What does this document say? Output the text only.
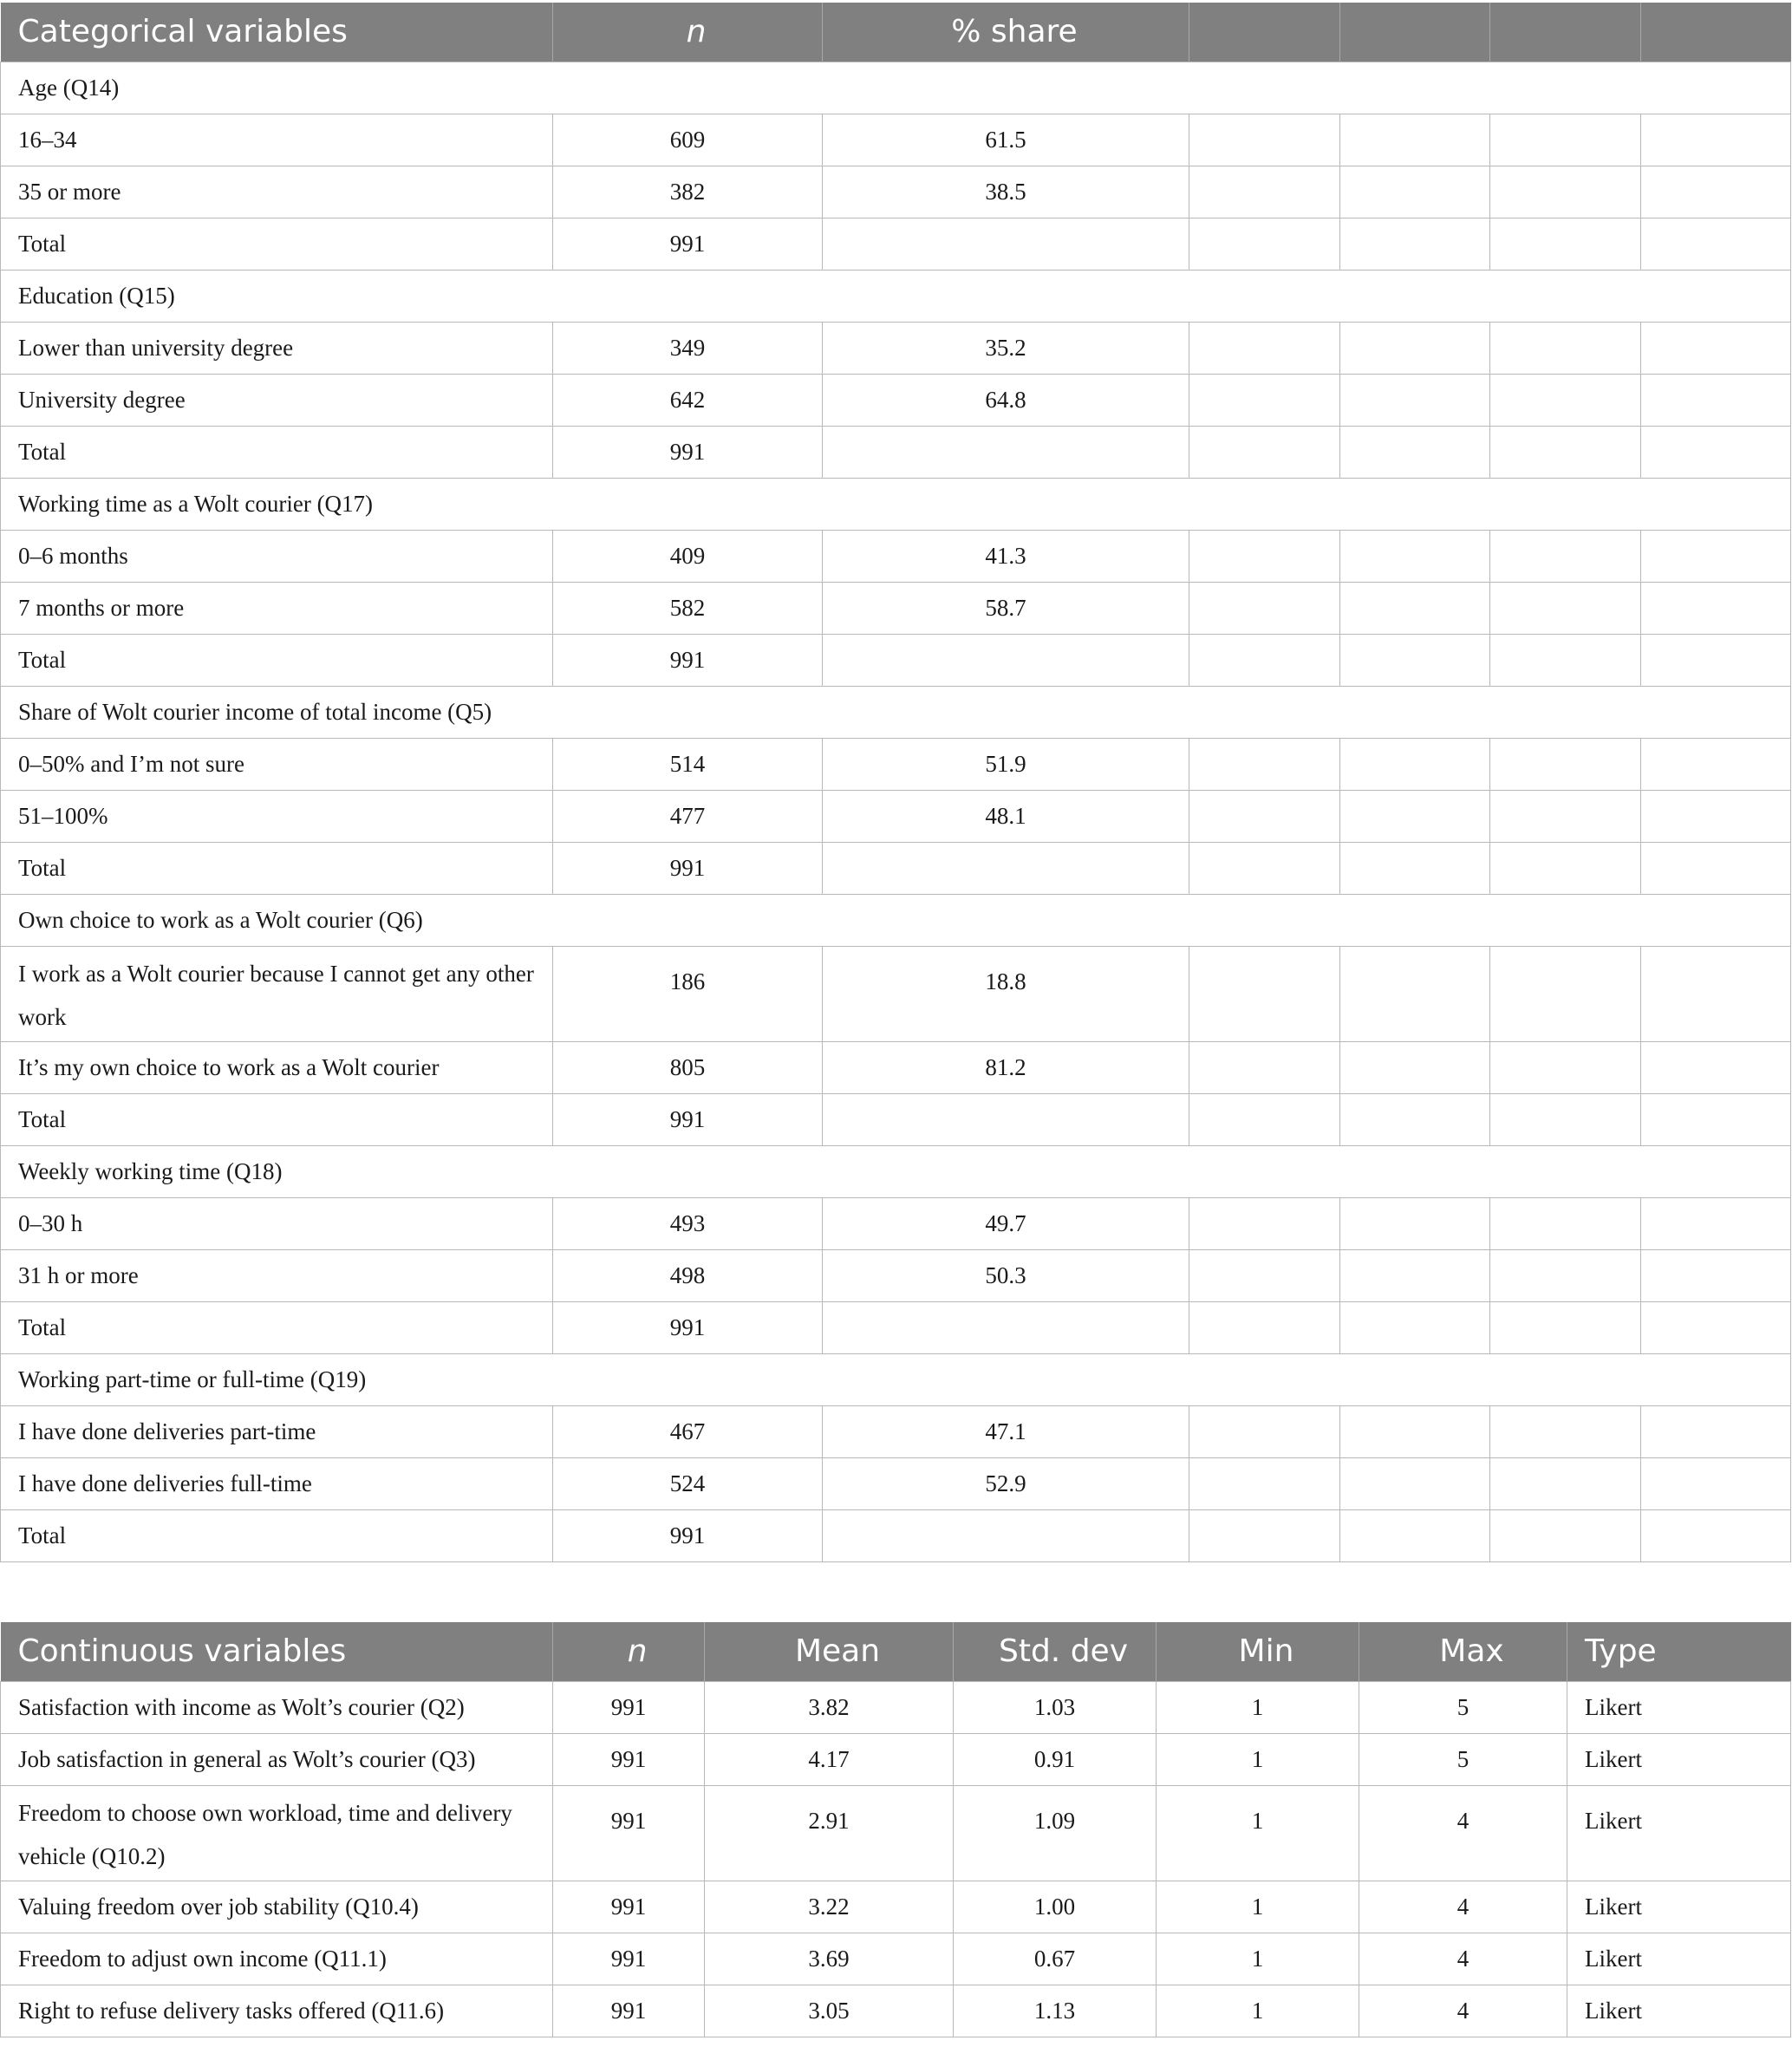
Categorical variables	n	% share				
Age (Q14)						
16–34	609	61.5				
35 or more	382	38.5				
Total	991					
Education (Q15)						
Lower than university degree	349	35.2				
University degree	642	64.8				
Total	991					
Working time as a Wolt courier (Q17)						
0–6 months	409	41.3				
7 months or more	582	58.7				
Total	991					
Share of Wolt courier income of total income (Q5)						
0–50% and I’m not sure	514	51.9				
51–100%	477	48.1				
Total	991					
Own choice to work as a Wolt courier (Q6)						
I work as a Wolt courier because I cannot get any other work	186	18.8				
It’s my own choice to work as a Wolt courier	805	81.2				
Total	991					
Weekly working time (Q18)						
0–30 h	493	49.7				
31 h or more	498	50.3				
Total	991					
Working part-time or full-time (Q19)						
I have done deliveries part-time	467	47.1				
I have done deliveries full-time	524	52.9				
Total	991					
Continuous variables	n	Mean	Std. dev	Min	Max	Type
Satisfaction with income as Wolt’s courier (Q2)	991	3.82	1.03	1	5	Likert
Job satisfaction in general as Wolt’s courier (Q3)	991	4.17	0.91	1	5	Likert
Freedom to choose own workload, time and delivery vehicle (Q10.2)	991	2.91	1.09	1	4	Likert
Valuing freedom over job stability (Q10.4)	991	3.22	1.00	1	4	Likert
Freedom to adjust own income (Q11.1)	991	3.69	0.67	1	4	Likert
Right to refuse delivery tasks offered (Q11.6)	991	3.05	1.13	1	4	Likert
